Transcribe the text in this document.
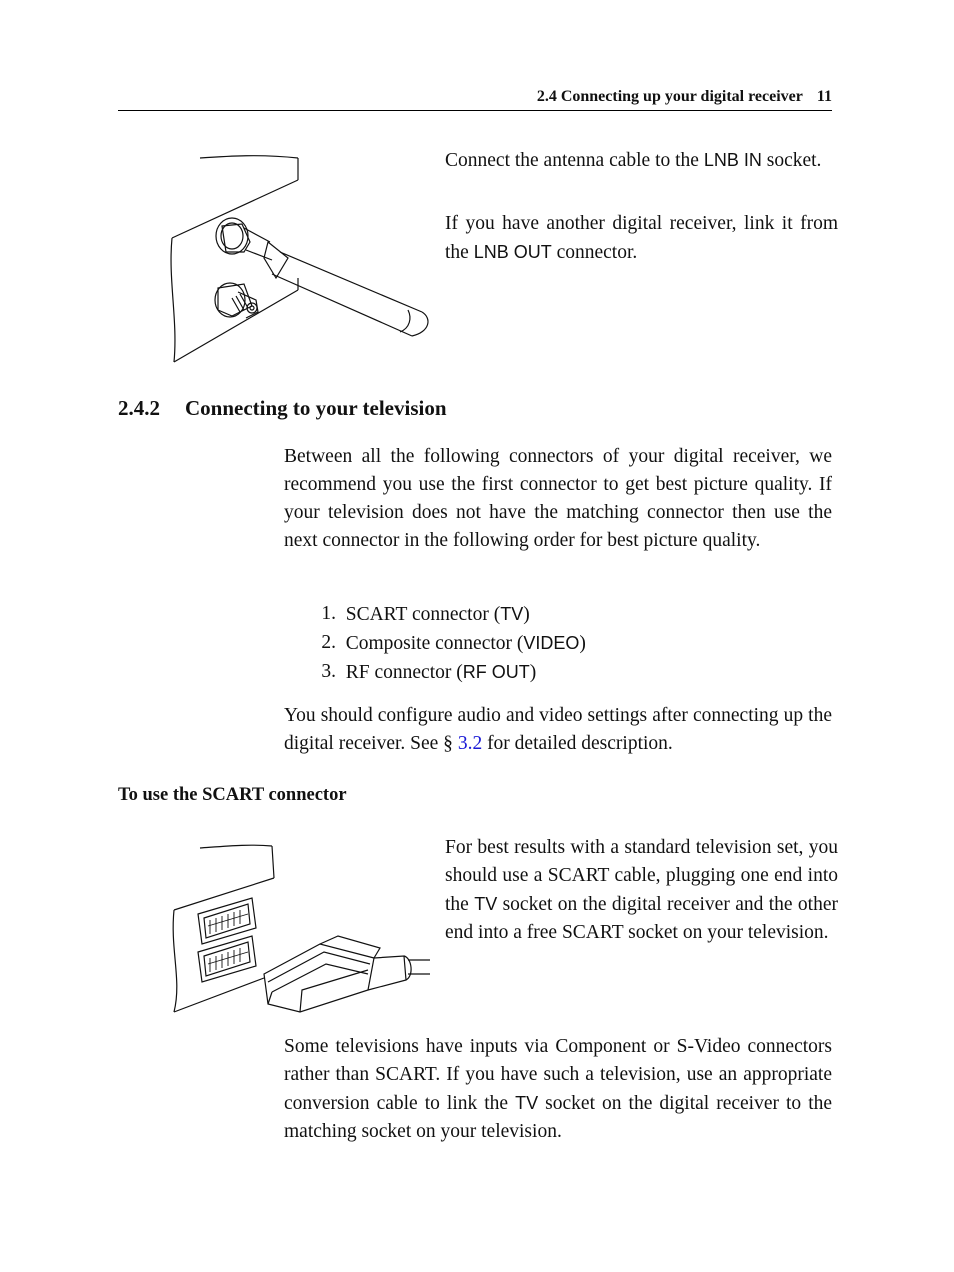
2.4 Connecting up your digital receiver 11
Connect the antenna cable to the LNB IN socket.
If you have another digital receiver, link it from the LNB OUT connector.
2.4.2 Connecting to your television
Between all the following connectors of your digital receiver, we recommend you use the first connector to get best picture quality. If your television does not have the matching connector then use the next connector in the following order for best picture quality.
1.
SCART connector (TV)
2.
Composite connector (VIDEO)
3.
RF connector (RF OUT)
You should configure audio and video settings after connecting up the digital receiver. See § 3.2 for detailed description.
To use the SCART connector
For best results with a standard television set, you should use a SCART cable, plugging one end into the TV socket on the digital receiver and the other end into a free SCART socket on your television.
Some televisions have inputs via Component or S-Video connectors rather than SCART. If you have such a television, use an appropriate conversion cable to link the TV socket on the digital receiver to the matching socket on your television.
